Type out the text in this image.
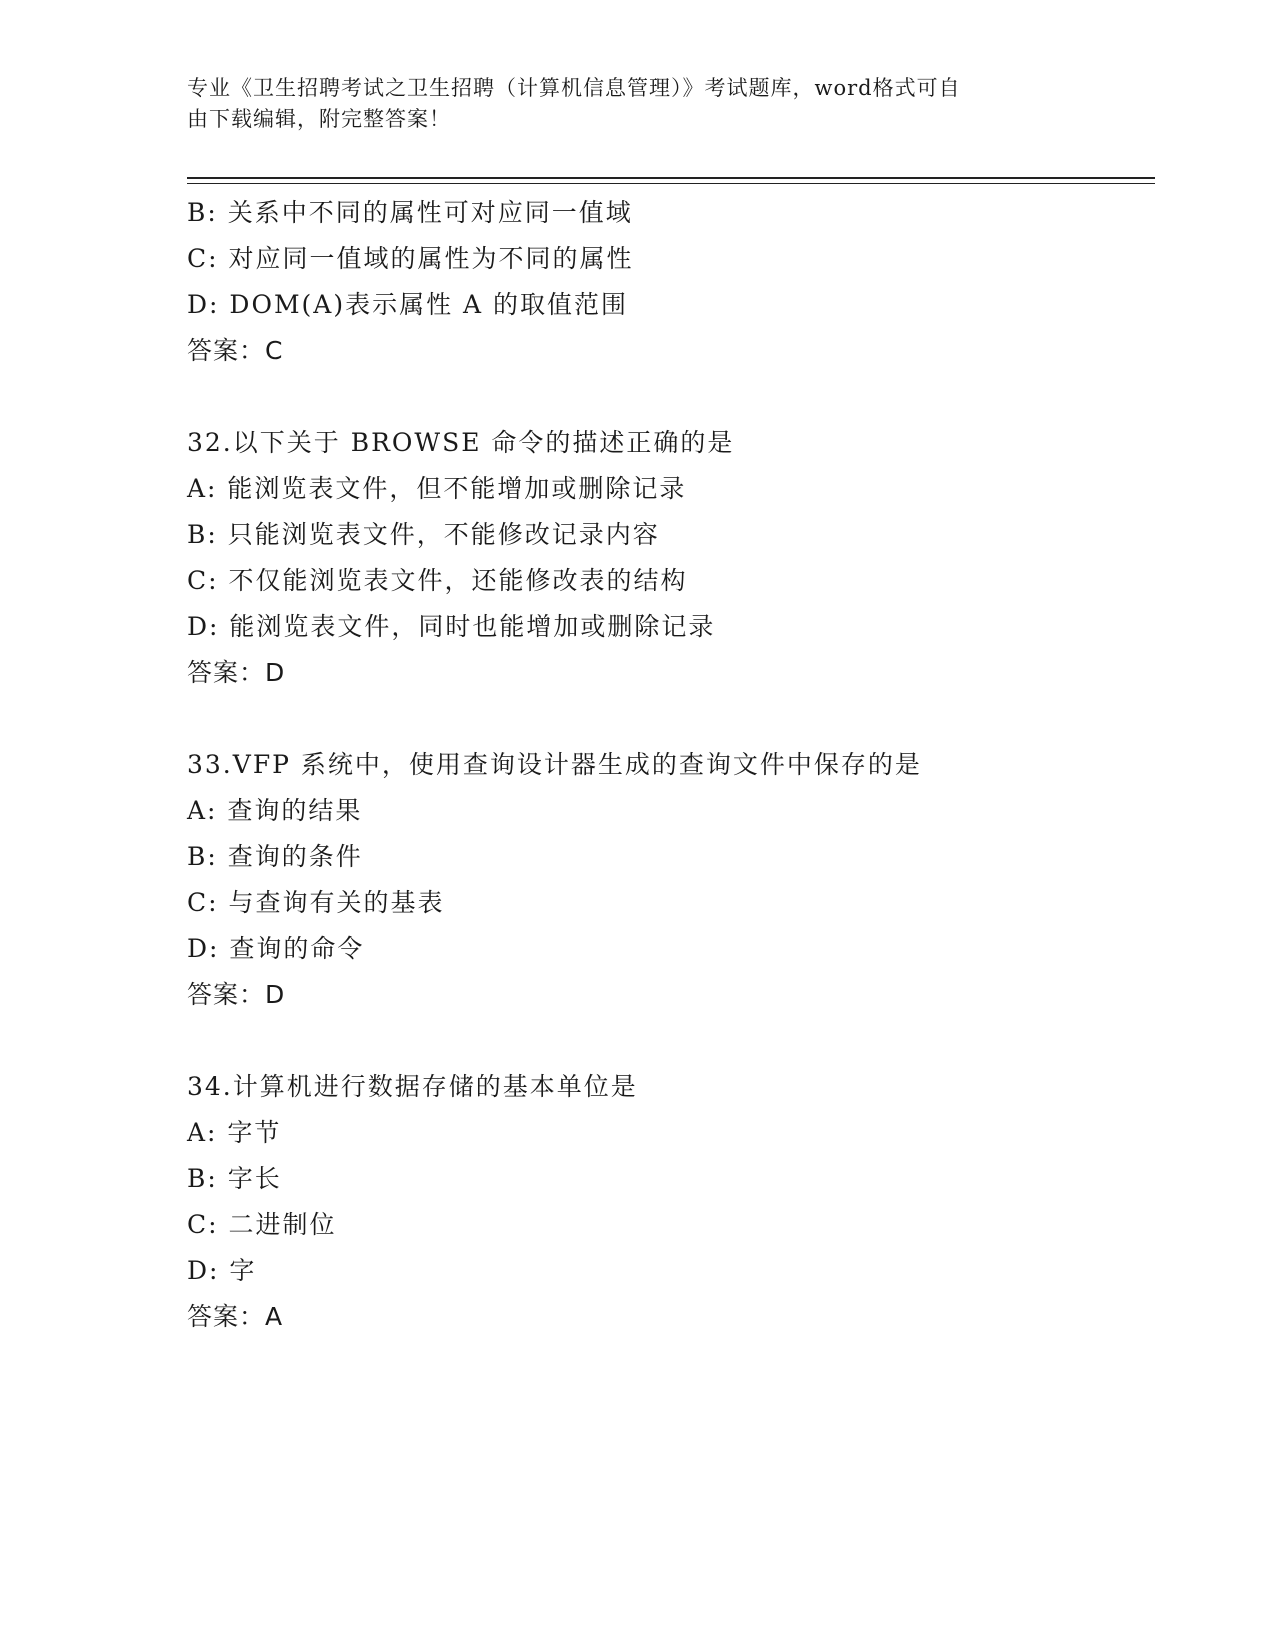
专业《卫生招聘考试之卫生招聘（计算机信息管理）》考试题库，word格式可自
由下载编辑，附完整答案！
B: 关系中不同的属性可对应同一值域
C: 对应同一值域的属性为不同的属性
D: DOM(A)表示属性 A 的取值范围
答案：C
32.以下关于 BROWSE 命令的描述正确的是
A: 能浏览表文件，但不能增加或删除记录
B: 只能浏览表文件，不能修改记录内容
C: 不仅能浏览表文件，还能修改表的结构
D: 能浏览表文件，同时也能增加或删除记录
答案：D
33.VFP 系统中，使用查询设计器生成的查询文件中保存的是
A: 查询的结果
B: 查询的条件
C: 与查询有关的基表
D: 查询的命令
答案：D
34.计算机进行数据存储的基本单位是
A: 字节
B: 字长
C: 二进制位
D: 字
答案：A
